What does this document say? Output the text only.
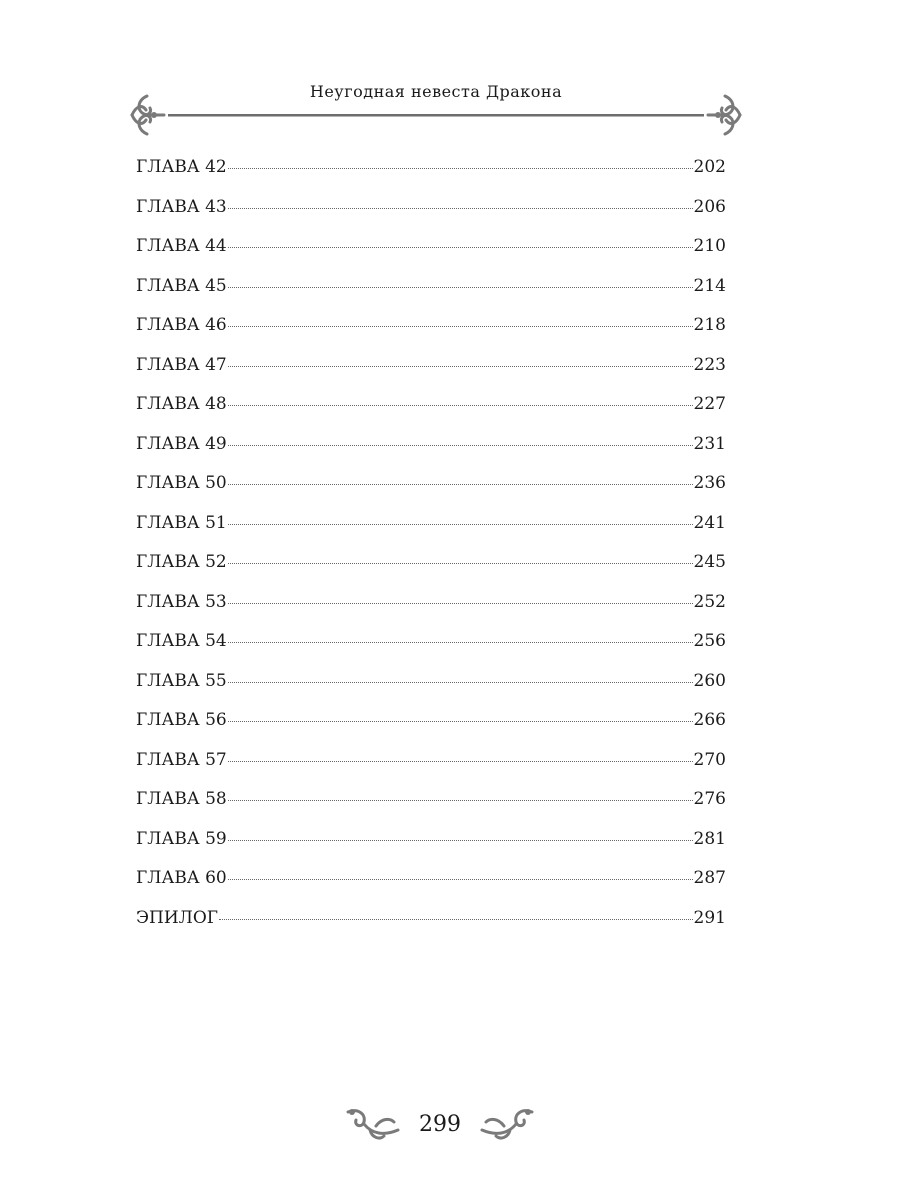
Неугодная невеста Дракона
ГЛАВА 42	202
ГЛАВА 43	206
ГЛАВА 44	210
ГЛАВА 45	214
ГЛАВА 46	218
ГЛАВА 47	223
ГЛАВА 48	227
ГЛАВА 49	231
ГЛАВА 50	236
ГЛАВА 51	241
ГЛАВА 52	245
ГЛАВА 53	252
ГЛАВА 54	256
ГЛАВА 55	260
ГЛАВА 56	266
ГЛАВА 57	270
ГЛАВА 58	276
ГЛАВА 59	281
ГЛАВА 60	287
ЭПИЛОГ	291
299
